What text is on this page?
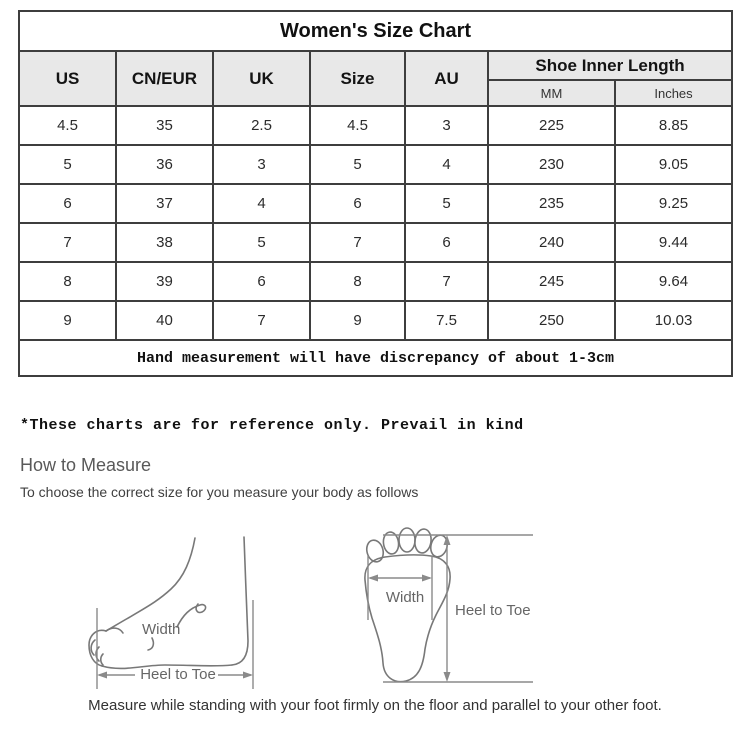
Women's Size Chart						
US	CN/EUR	UK	Size	AU	Shoe Inner Length	
					MM	Inches
4.5	35	2.5	4.5	3	225	8.85
5	36	3	5	4	230	9.05
6	37	4	6	5	235	9.25
7	38	5	7	6	240	9.44
8	39	6	8	7	245	9.64
9	40	7	9	7.5	250	10.03
Hand measurement will have discrepancy of about 1-3cm						
*These charts are for reference only. Prevail in kind
How to Measure
To choose the correct size for you measure your body as follows
Width
Heel to Toe
Width
Heel to Toe
Measure while standing with your foot firmly on the floor and parallel to your other foot.
